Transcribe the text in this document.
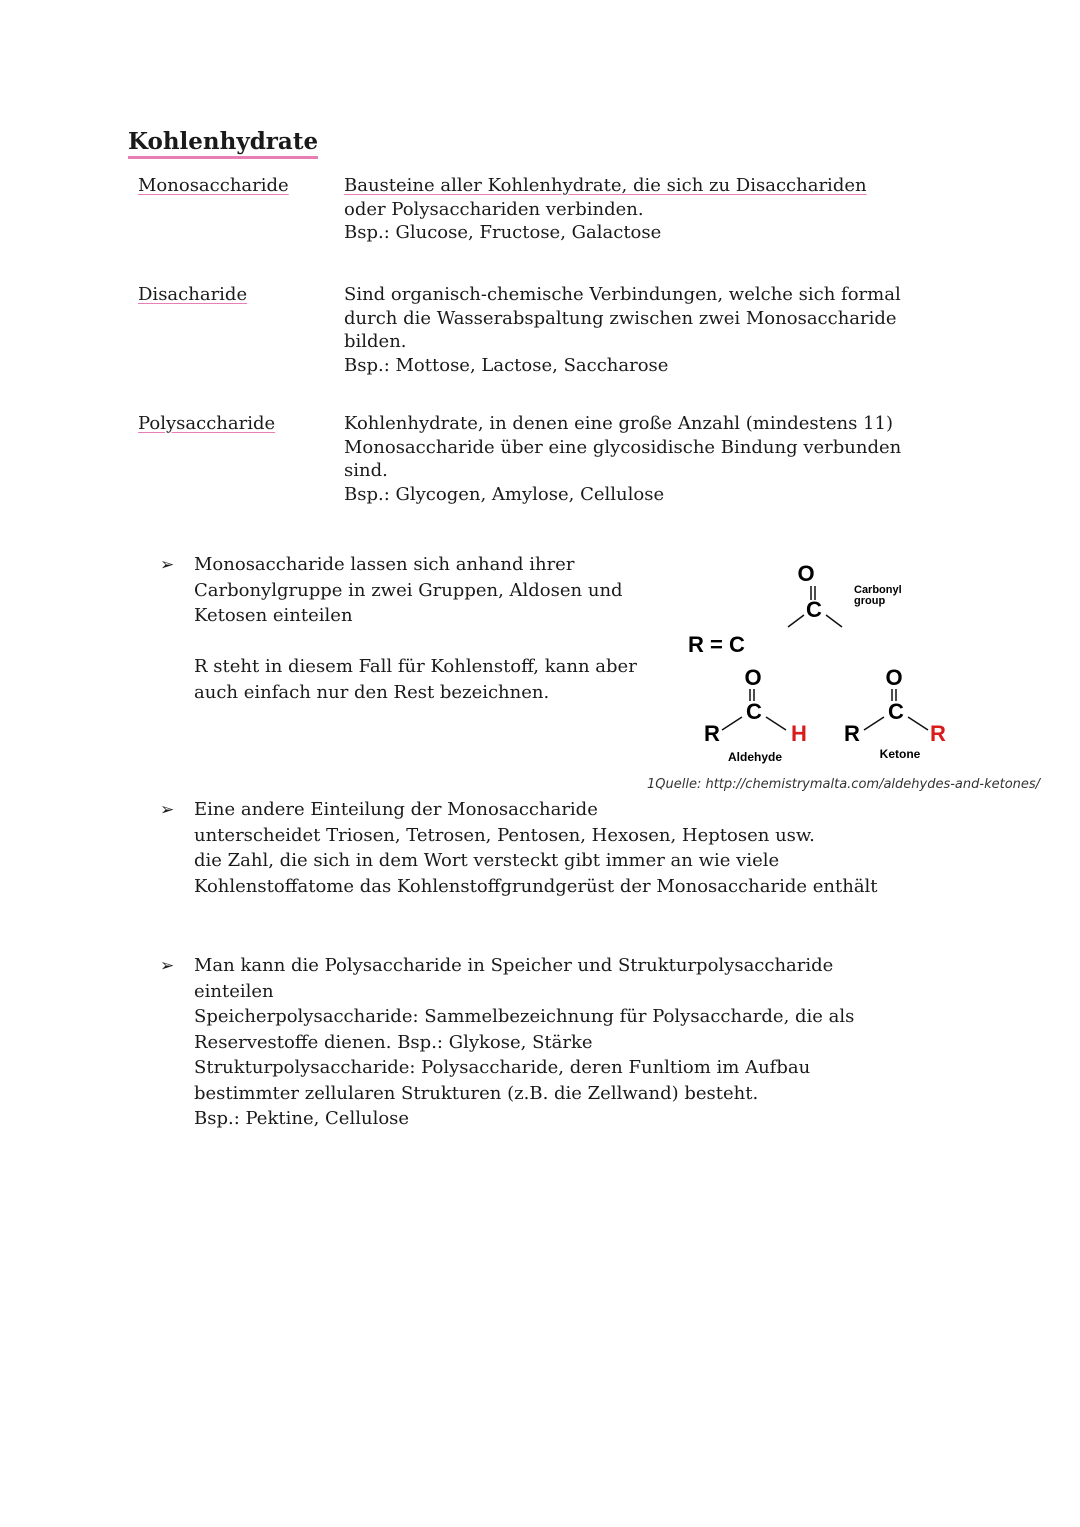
Kohlenhydrate
Monosaccharide	Bausteine aller Kohlenhydrate, die sich zu Disacchariden
oder Polysacchariden verbinden.
Bsp.: Glucose, Fructose, Galactose
Disacharide	Sind organisch-chemische Verbindungen, welche sich formal
durch die Wasserabspaltung zwischen zwei Monosaccharide
bilden.
Bsp.: Mottose, Lactose, Saccharose
Polysaccharide	Kohlenhydrate, in denen eine große Anzahl (mindestens 11)
Monosaccharide über eine glycosidische Bindung verbunden
sind.
Bsp.: Glycogen, Amylose, Cellulose
➢ Monosaccharide lassen sich anhand ihrer
Carbonylgruppe in zwei Gruppen, Aldosen und
Ketosen einteilen
R steht in diesem Fall für Kohlenstoff, kann aber
auch einfach nur den Rest bezeichnen.
O
C
Carbonyl
group
R = C
O
C
R	H
Aldehyde
O
C
R	R
Ketone
1Quelle: http://chemistrymalta.com/aldehydes-and-ketones/
➢ Eine andere Einteilung der Monosaccharide
unterscheidet Triosen, Tetrosen, Pentosen, Hexosen, Heptosen usw.
die Zahl, die sich in dem Wort versteckt gibt immer an wie viele
Kohlenstoffatome das Kohlenstoffgrundgerüst der Monosaccharide enthält
➢ Man kann die Polysaccharide in Speicher und Strukturpolysaccharide
einteilen
Speicherpolysaccharide: Sammelbezeichnung für Polysaccharde, die als
Reservestoffe dienen. Bsp.: Glykose, Stärke
Strukturpolysaccharide: Polysaccharide, deren Funltiom im Aufbau
bestimmter zellularen Strukturen (z.B. die Zellwand) besteht.
Bsp.: Pektine, Cellulose
